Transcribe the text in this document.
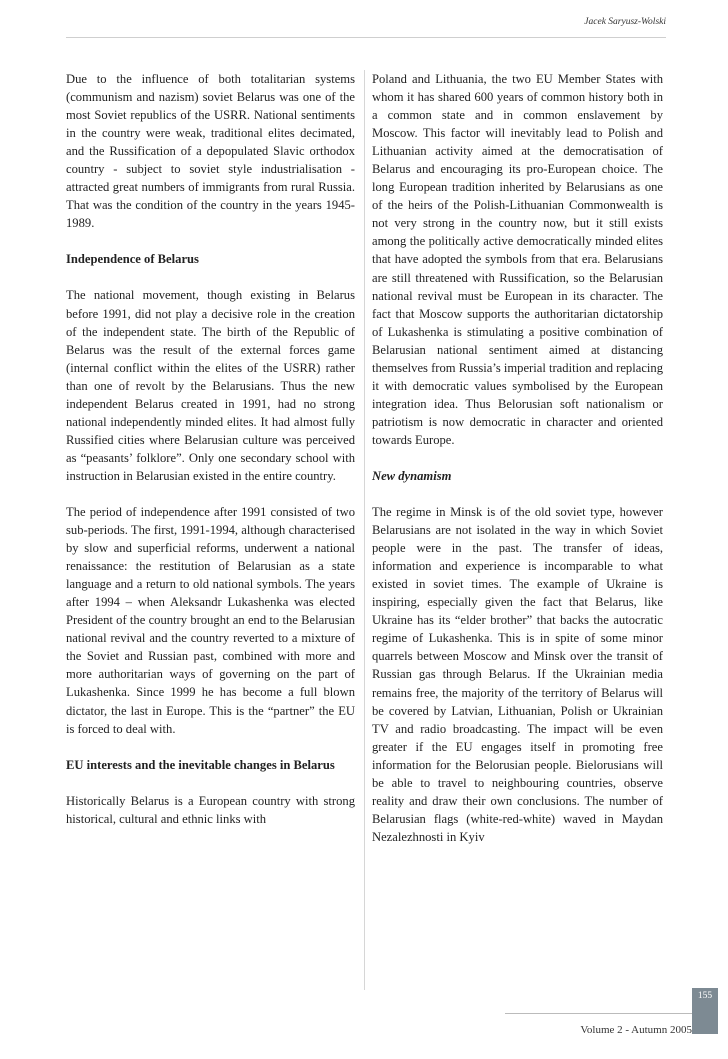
Jacek Saryusz-Wolski

Due to the influence of both totalitarian systems (communism and nazism) soviet Belarus was one of the most Soviet republics of the USRR. National sentiments in the country were weak, traditional elites decimated, and the Russification of a depopulated Slavic orthodox country - subject to soviet style industrialisation - attracted great numbers of immigrants from rural Russia. That was the condition of the country in the years 1945-1989.

Independence of Belarus

The national movement, though existing in Belarus before 1991, did not play a decisive role in the creation of the independent state. The birth of the Republic of Belarus was the result of the external forces game (internal conflict within the elites of the USRR) rather than one of revolt by the Belarusians. Thus the new independent Belarus created in 1991, had no strong national independently minded elites. It had almost fully Russified cities where Belarusian culture was perceived as “peasants’ folklore”. Only one secondary school with instruction in Belarusian existed in the entire country.

The period of independence after 1991 consisted of two sub-periods. The first, 1991-1994, although characterised by slow and superficial reforms, underwent a national renaissance: the restitution of Belarusian as a state language and a return to old national symbols. The years after 1994 – when Aleksandr Lukashenka was elected President of the country brought an end to the Belarusian national revival and the country reverted to a mixture of the Soviet and Russian past, combined with more and more authoritarian ways of governing on the part of Lukashenka. Since 1999 he has become a full blown dictator, the last in Europe. This is the “partner” the EU is forced to deal with.

EU interests and the inevitable changes in Belarus

Historically Belarus is a European country with strong historical, cultural and ethnic links with

Poland and Lithuania, the two EU Member States with whom it has shared 600 years of common history both in a common state and in common enslavement by Moscow. This factor will inevitably lead to Polish and Lithuanian activity aimed at the democratisation of Belarus and encouraging its pro-European choice. The long European tradition inherited by Belarusians as one of the heirs of the Polish-Lithuanian Commonwealth is not very strong in the country now, but it still exists among the politically active democratically minded elites that have adopted the symbols from that era. Belarusians are still threatened with Russification, so the Belarusian national revival must be European in its character. The fact that Moscow supports the authoritarian dictatorship of Lukashenka is stimulating a positive combination of Belarusian national sentiment aimed at distancing themselves from Russia’s imperial tradition and replacing it with democratic values symbolised by the European integration idea. Thus Belorusian soft nationalism or patriotism is now democratic in character and oriented towards Europe.

New dynamism

The regime in Minsk is of the old soviet type, however Belarusians are not isolated in the way in which Soviet people were in the past. The transfer of ideas, information and experience is incomparable to what existed in soviet times. The example of Ukraine is inspiring, especially given the fact that Belarus, like Ukraine has its “elder brother” that backs the autocratic regime of Lukashenka. This is in spite of some minor quarrels between Moscow and Minsk over the transit of Russian gas through Belarus. If the Ukrainian media remains free, the majority of the territory of Belarus will be covered by Latvian, Lithuanian, Polish or Ukrainian TV and radio broadcasting. The impact will be even greater if the EU engages itself in promoting free information for the Belorusian people. Bielorusians will be able to travel to neighbouring countries, observe reality and draw their own conclusions. The number of Belarusian flags (white-red-white) waved in Maydan Nezalezhnosti in Kyiv

Volume 2 - Autumn 2005
155
